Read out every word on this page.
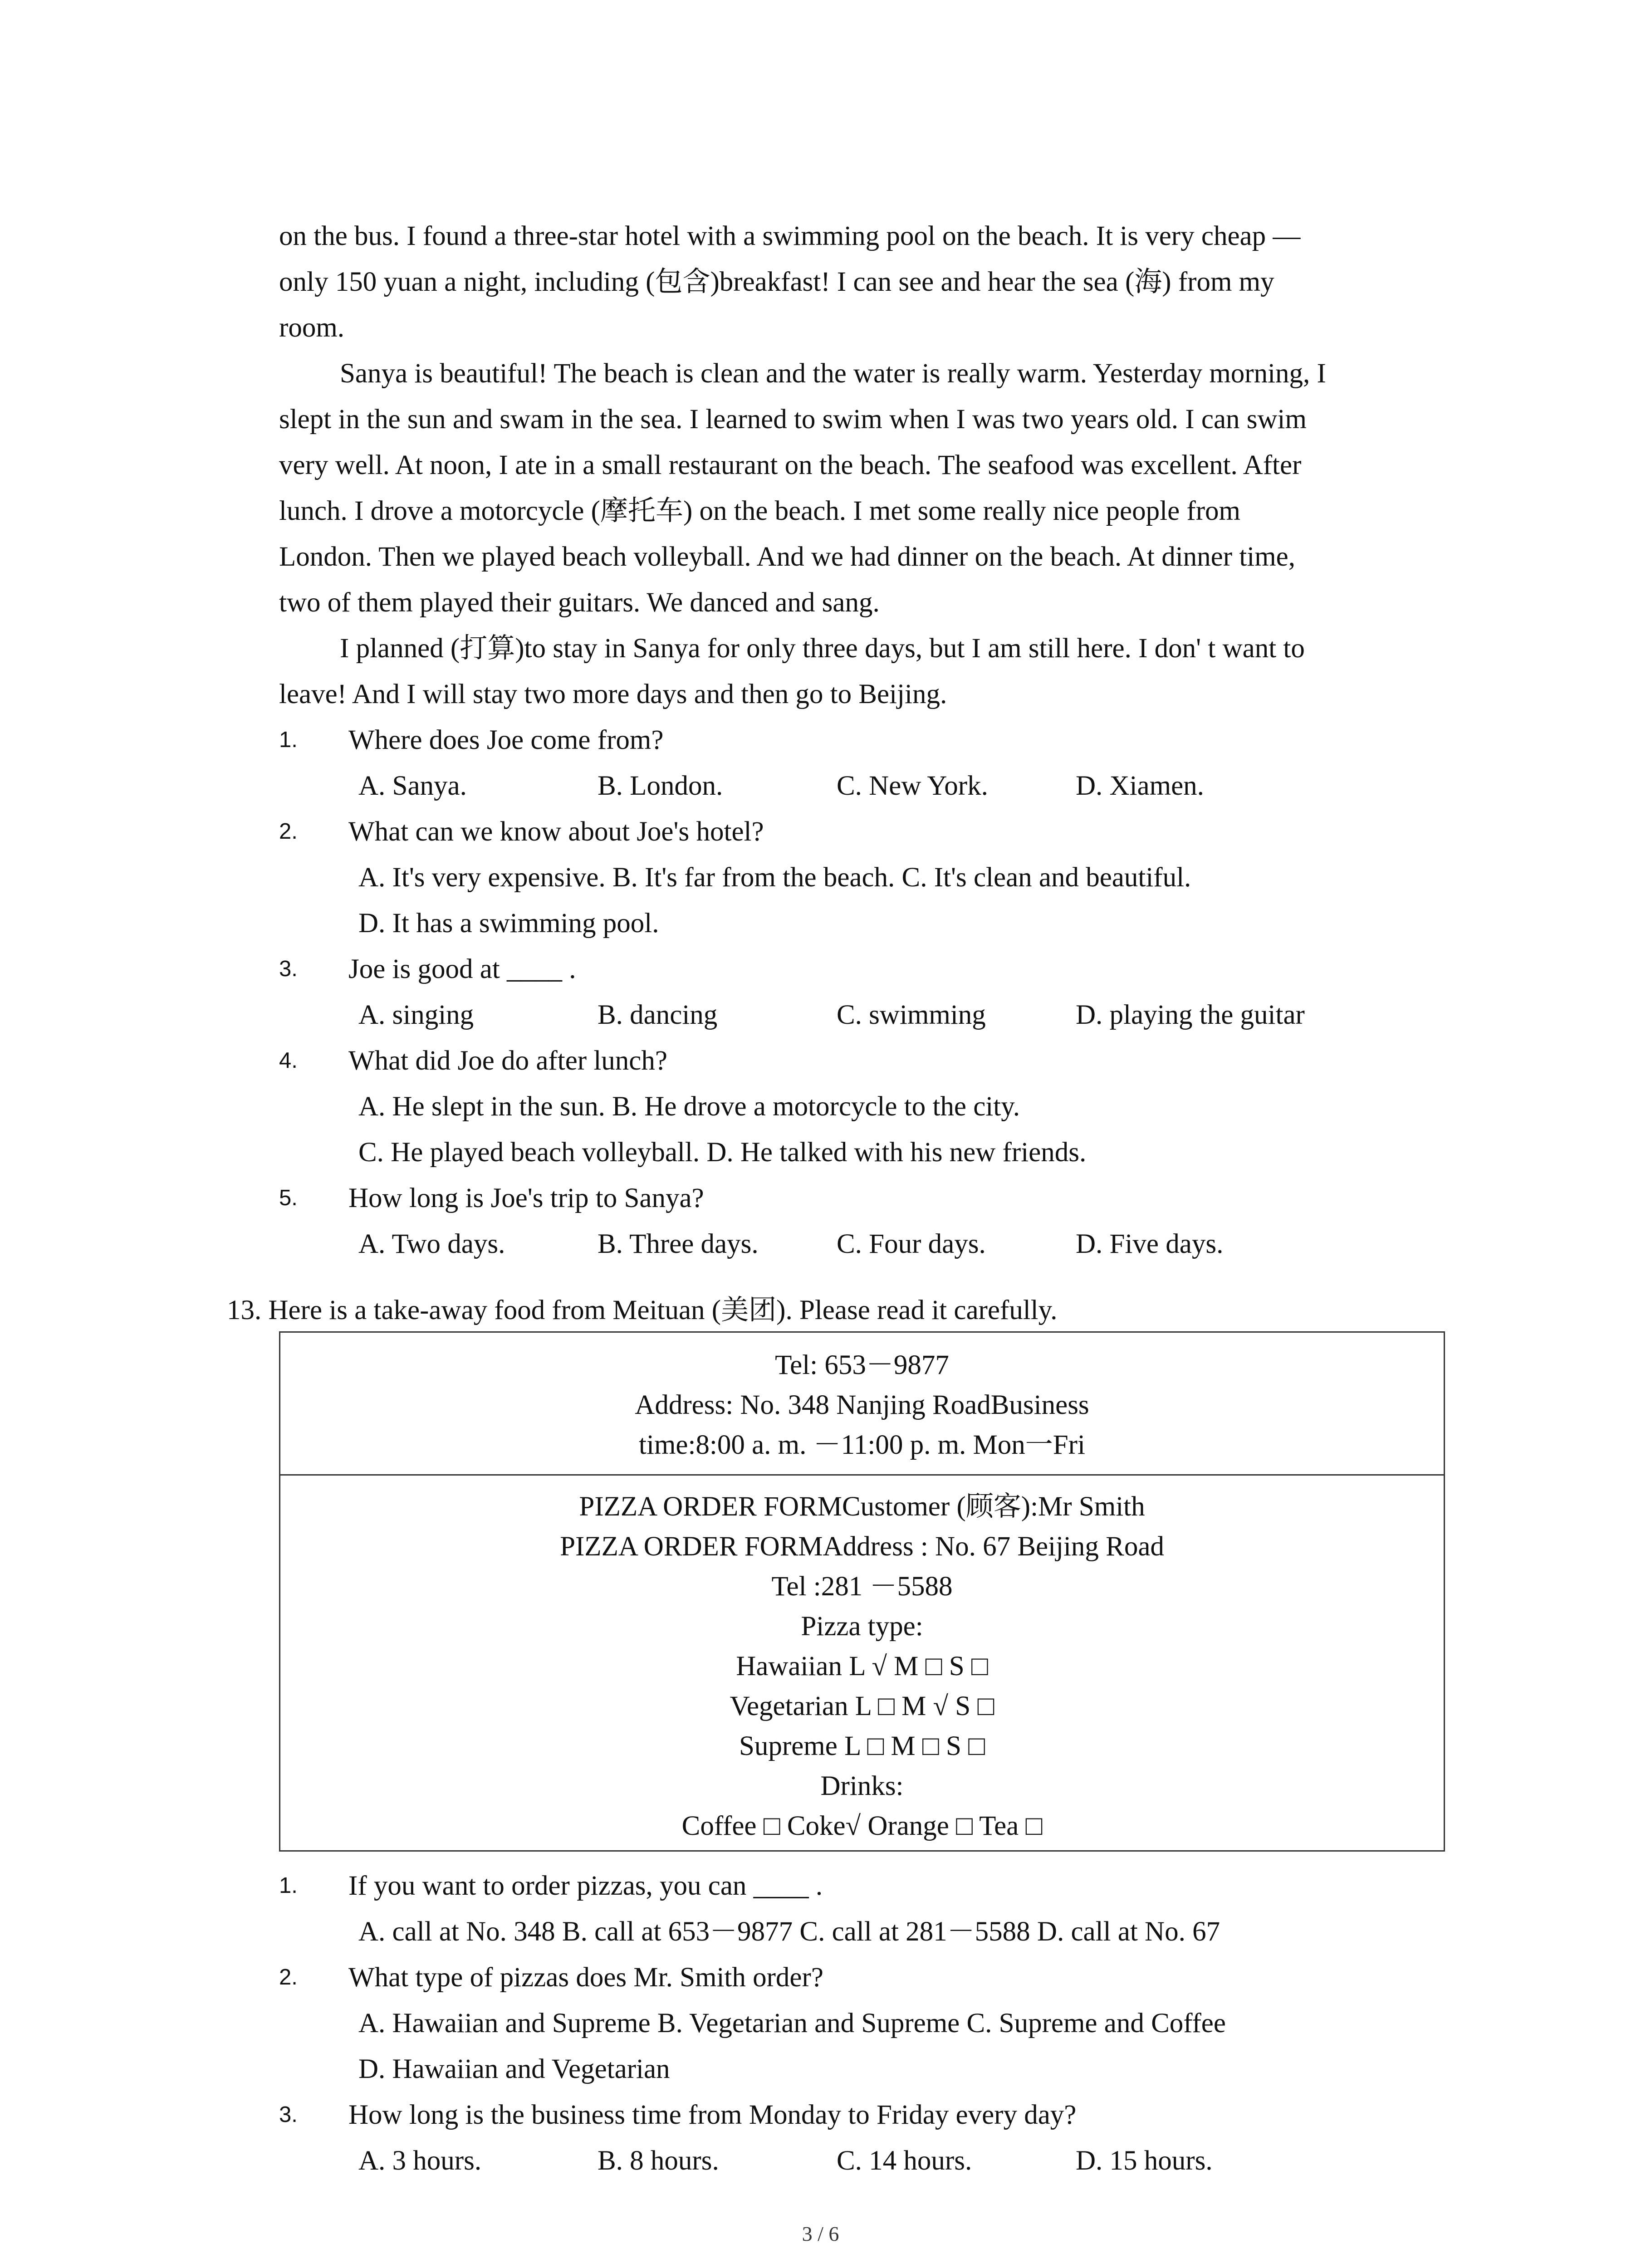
on the bus. I found a three-star hotel with a swimming pool on the beach. It is very cheap —

only 150 yuan a night, including (包含)breakfast! I can see and hear the sea (海) from my

room.

Sanya is beautiful! The beach is clean and the water is really warm. Yesterday morning, I

slept in the sun and swam in the sea. I learned to swim when I was two years old. I can swim

very well. At noon, I ate in a small restaurant on the beach. The seafood was excellent. After

lunch. I drove a motorcycle (摩托车) on the beach. I met some really nice people from

London. Then we played beach volleyball. And we had dinner on the beach. At dinner time,

two of them played their guitars. We danced and sang.

I planned (打算)to stay in Sanya for only three days, but I am still here. I don' t want to

leave! And I will stay two more days and then go to Beijing.

1.	Where does Joe come from?
A. Sanya.	B. London.	C. New York.	D. Xiamen.
2.	What can we know about Joe's hotel?
A. It's very expensive. B. It's far from the beach. C. It's clean and beautiful.
D. It has a swimming pool.
3.	Joe is good at ____ .
A. singing	B. dancing	C. swimming	D. playing the guitar
4.	What did Joe do after lunch?
A. He slept in the sun. B. He drove a motorcycle to the city.
C. He played beach volleyball. D. He talked with his new friends.
5.	How long is Joe's trip to Sanya?
A. Two days.	B. Three days.	C. Four days.	D. Five days.
13. Here is a take-away food from Meituan (美团). Please read it carefully.
Tel: 653－9877
Address: No. 348 Nanjing RoadBusiness
time:8:00 a. m. －11:00 p. m. Mon一Fri
PIZZA ORDER FORMCustomer (顾客):Mr Smith
PIZZA ORDER FORMAddress : No. 67 Beijing Road
Tel :281 －5588
Pizza type:
Hawaiian L √ M □ S □
Vegetarian L □ M √ S □
Supreme L □ M □ S □
Drinks:
Coffee □ Coke√ Orange □ Tea □
1.	If you want to order pizzas, you can ____ .
A. call at No. 348 B. call at 653－9877 C. call at 281－5588 D. call at No. 67
2.	What type of pizzas does Mr. Smith order?
A. Hawaiian and Supreme B. Vegetarian and Supreme C. Supreme and Coffee
D. Hawaiian and Vegetarian
3.	How long is the business time from Monday to Friday every day?
A. 3 hours.	B. 8 hours.	C. 14 hours.	D. 15 hours.
3 / 6
